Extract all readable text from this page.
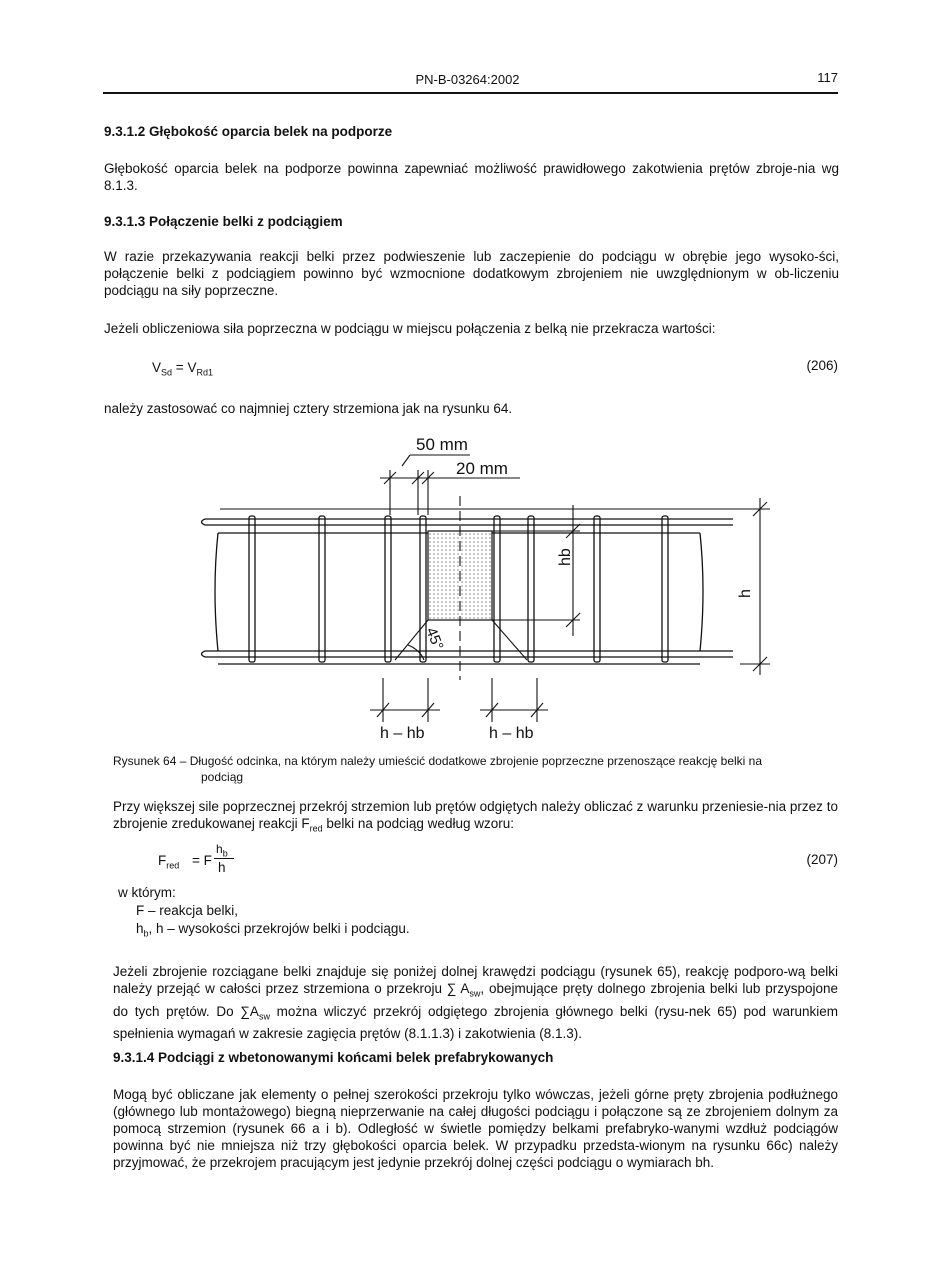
PN-B-03264:2002	117
9.3.1.2 Głębokość oparcia belek na podporze
Głębokość oparcia belek na podporze powinna zapewniać możliwość prawidłowego zakotwienia prętów zbroje-nia wg 8.1.3.
9.3.1.3 Połączenie belki z podciągiem
W razie przekazywania reakcji belki przez podwieszenie lub zaczepienie do podciągu w obrębie jego wysoko-ści, połączenie belki z podciągiem powinno być wzmocnione dodatkowym zbrojeniem nie uwzględnionym w ob-liczeniu podciągu na siły poprzeczne.
Jeżeli obliczeniowa siła poprzeczna w podciągu w miejscu połączenia z belką nie przekracza wartości:
$V_{Sd} = V_{Rd1}$	(206)
należy zastosować co najmniej cztery strzemiona jak na rysunku 64.
50 mm
20 mm
hb
h
45°
h – hb	h – hb
Rysunek 64 – Długość odcinka, na którym należy umieścić dodatkowe zbrojenie poprzeczne przenoszące reakcję belki na
podciąg
Przy większej sile poprzecznej przekrój strzemion lub prętów odgiętych należy obliczać z warunku przeniesie-nia przez to zbrojenie zredukowanej reakcji $F_{red}$ belki na podciąg według wzoru:
$F_{red} = F$
$h_b$
h
(207)
w którym:
F – reakcja belki,
$h_b$, h – wysokości przekrojów belki i podciągu.
Jeżeli zbrojenie rozciągane belki znajduje się poniżej dolnej krawędzi podciągu (rysunek 65), reakcję podporo-wą belki należy przejąć w całości przez strzemiona o przekroju ∑ $A_{sw}$, obejmujące pręty dolnego zbrojenia belki lub przyspojone do tych prętów. Do $\sum A_{sw}$ można wliczyć przekrój odgiętego zbrojenia głównego belki (rysu-nek 65) pod warunkiem spełnienia wymagań w zakresie zagięcia prętów (8.1.1.3) i zakotwienia (8.1.3).
9.3.1.4 Podciągi z wbetonowanymi końcami belek prefabrykowanych
Mogą być obliczane jak elementy o pełnej szerokości przekroju tylko wówczas, jeżeli górne pręty zbrojenia podłużnego (głównego lub montażowego) biegną nieprzerwanie na całej długości podciągu i połączone są ze zbrojeniem dolnym za pomocą strzemion (rysunek 66 a i b). Odległość w świetle pomiędzy belkami prefabryko-wanymi wzdłuż podciągów powinna być nie mniejsza niż trzy głębokości oparcia belek. W przypadku przedsta-wionym na rysunku 66c) należy przyjmować, że przekrojem pracującym jest jedynie przekrój dolnej części podciągu o wymiarach bh.
